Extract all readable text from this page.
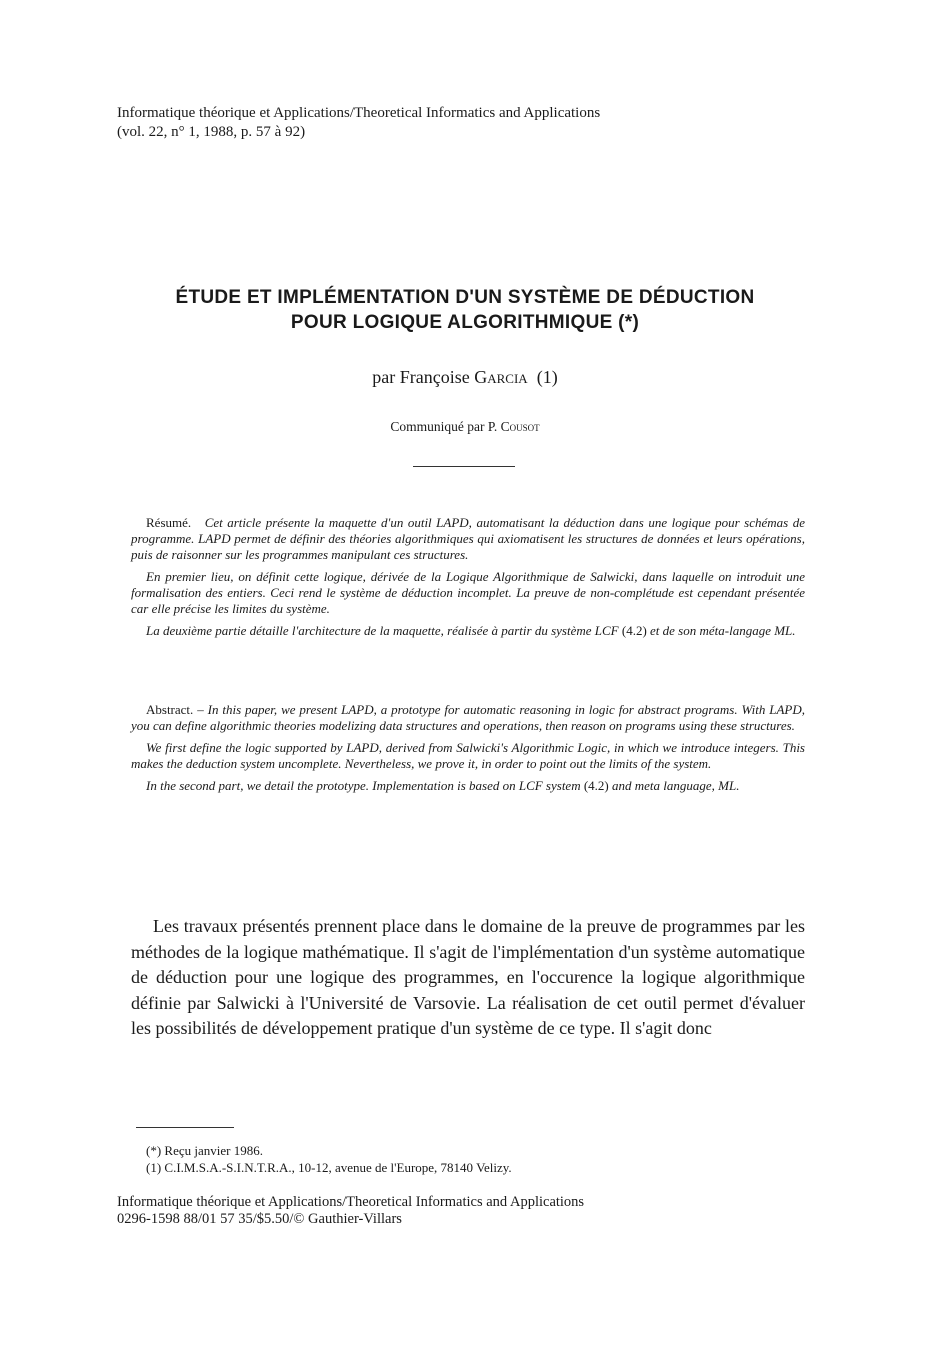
Informatique théorique et Applications/Theoretical Informatics and Applications
(vol. 22, n° 1, 1988, p. 57 à 92)
ÉTUDE ET IMPLÉMENTATION D'UN SYSTÈME DE DÉDUCTION
POUR LOGIQUE ALGORITHMIQUE (*)
par Françoise Garcia (1)
Communiqué par P. Cousot

Résumé. Cet article présente la maquette d'un outil LAPD, automatisant la déduction dans une logique pour schémas de programme. LAPD permet de définir des théories algorithmiques qui axiomatisent les structures de données et leurs opérations, puis de raisonner sur les programmes manipulant ces structures.

En premier lieu, on définit cette logique, dérivée de la Logique Algorithmique de Salwicki, dans laquelle on introduit une formalisation des entiers. Ceci rend le système de déduction incomplet. La preuve de non-complétude est cependant présentée car elle précise les limites du système.

La deuxième partie détaille l'architecture de la maquette, réalisée à partir du système LCF (4.2) et de son méta-langage ML.

Abstract. – In this paper, we present LAPD, a prototype for automatic reasoning in logic for abstract programs. With LAPD, you can define algorithmic theories modelizing data structures and operations, then reason on programs using these structures.

We first define the logic supported by LAPD, derived from Salwicki's Algorithmic Logic, in which we introduce integers. This makes the deduction system uncomplete. Nevertheless, we prove it, in order to point out the limits of the system.

In the second part, we detail the prototype. Implementation is based on LCF system (4.2) and meta language, ML.

Les travaux présentés prennent place dans le domaine de la preuve de programmes par les méthodes de la logique mathématique. Il s'agit de l'implémentation d'un système automatique de déduction pour une logique des programmes, en l'occurence la logique algorithmique définie par Salwicki à l'Université de Varsovie. La réalisation de cet outil permet d'évaluer les possibilités de développement pratique d'un système de ce type. Il s'agit donc

(*) Reçu janvier 1986.
(1) C.I.M.S.A.-S.I.N.T.R.A., 10-12, avenue de l'Europe, 78140 Velizy.
Informatique théorique et Applications/Theoretical Informatics and Applications
0296-1598 88/01 57 35/$5.50/© Gauthier-Villars
